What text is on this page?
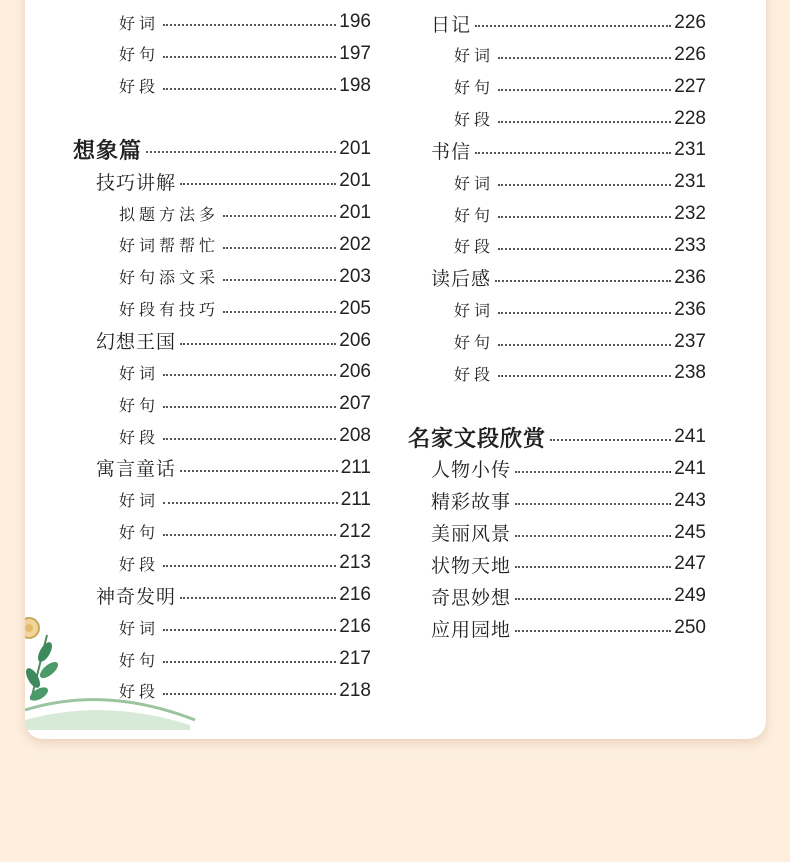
好词	196
好句	197
好段	198
想象篇	201
技巧讲解	201
拟题方法多	201
好词帮帮忙	202
好句添文采	203
好段有技巧	205
幻想王国	206
好词	206
好句	207
好段	208
寓言童话	211
好词	211
好句	212
好段	213
神奇发明	216
好词	216
好句	217
好段	218
日记	226
好词	226
好句	227
好段	228
书信	231
好词	231
好句	232
好段	233
读后感	236
好词	236
好句	237
好段	238
名家文段欣赏	241
人物小传	241
精彩故事	243
美丽风景	245
状物天地	247
奇思妙想	249
应用园地	250
